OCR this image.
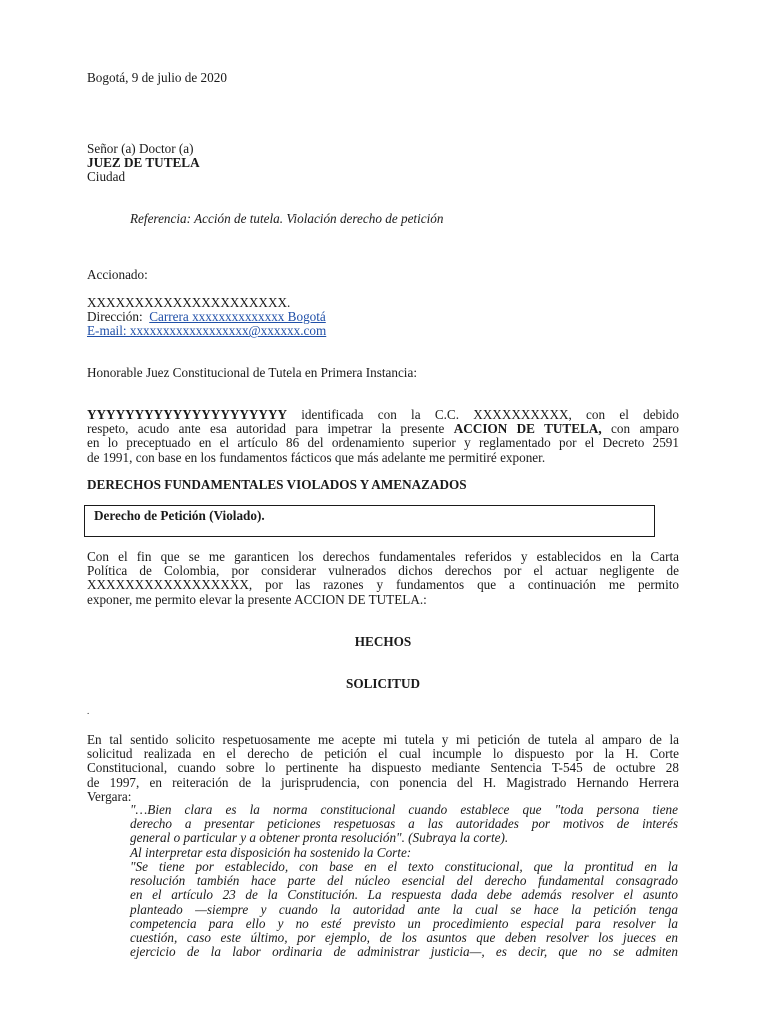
Bogotá, 9 de julio de 2020
Señor (a) Doctor (a)
JUEZ DE TUTELA
Ciudad
Referencia: Acción de tutela. Violación derecho de petición
Accionado:
XXXXXXXXXXXXXXXXXXXXX.
Dirección: Carrera xxxxxxxxxxxxxx Bogotá
E-mail: xxxxxxxxxxxxxxxxxx@xxxxxx.com
Honorable Juez Constitucional de Tutela en Primera Instancia:
YYYYYYYYYYYYYYYYYYYYY identificada con la C.C. XXXXXXXXXX, con el debido
respeto, acudo ante esa autoridad para impetrar la presente ACCION DE TUTELA, con amparo
en lo preceptuado en el artículo 86 del ordenamiento superior y reglamentado por el Decreto 2591
de 1991, con base en los fundamentos fácticos que más adelante me permitiré exponer.
DERECHOS FUNDAMENTALES VIOLADOS Y AMENAZADOS
Derecho de Petición (Violado).
Con el fin que se me garanticen los derechos fundamentales referidos y establecidos en la Carta
Política de Colombia, por considerar vulnerados dichos derechos por el actuar negligente de
XXXXXXXXXXXXXXXXX, por las razones y fundamentos que a continuación me permito
exponer, me permito elevar la presente ACCION DE TUTELA.:
HECHOS
SOLICITUD
.
En tal sentido solicito respetuosamente me acepte mi tutela y mi petición de tutela al amparo de la
solicitud realizada en el derecho de petición el cual incumple lo dispuesto por la H. Corte
Constitucional, cuando sobre lo pertinente ha dispuesto mediante Sentencia T-545 de octubre 28
de 1997, en reiteración de la jurisprudencia, con ponencia del H. Magistrado Hernando Herrera
Vergara:
"…Bien clara es la norma constitucional cuando establece que "toda persona tiene
derecho a presentar peticiones respetuosas a las autoridades por motivos de interés
general o particular y a obtener pronta resolución". (Subraya la corte).
Al interpretar esta disposición ha sostenido la Corte:
"Se tiene por establecido, con base en el texto constitucional, que la prontitud en la
resolución también hace parte del núcleo esencial del derecho fundamental consagrado
en el artículo 23 de la Constitución. La respuesta dada debe además resolver el asunto
planteado —siempre y cuando la autoridad ante la cual se hace la petición tenga
competencia para ello y no esté previsto un procedimiento especial para resolver la
cuestión, caso este último, por ejemplo, de los asuntos que deben resolver los jueces en
ejercicio de la labor ordinaria de administrar justicia—, es decir, que no se admiten
